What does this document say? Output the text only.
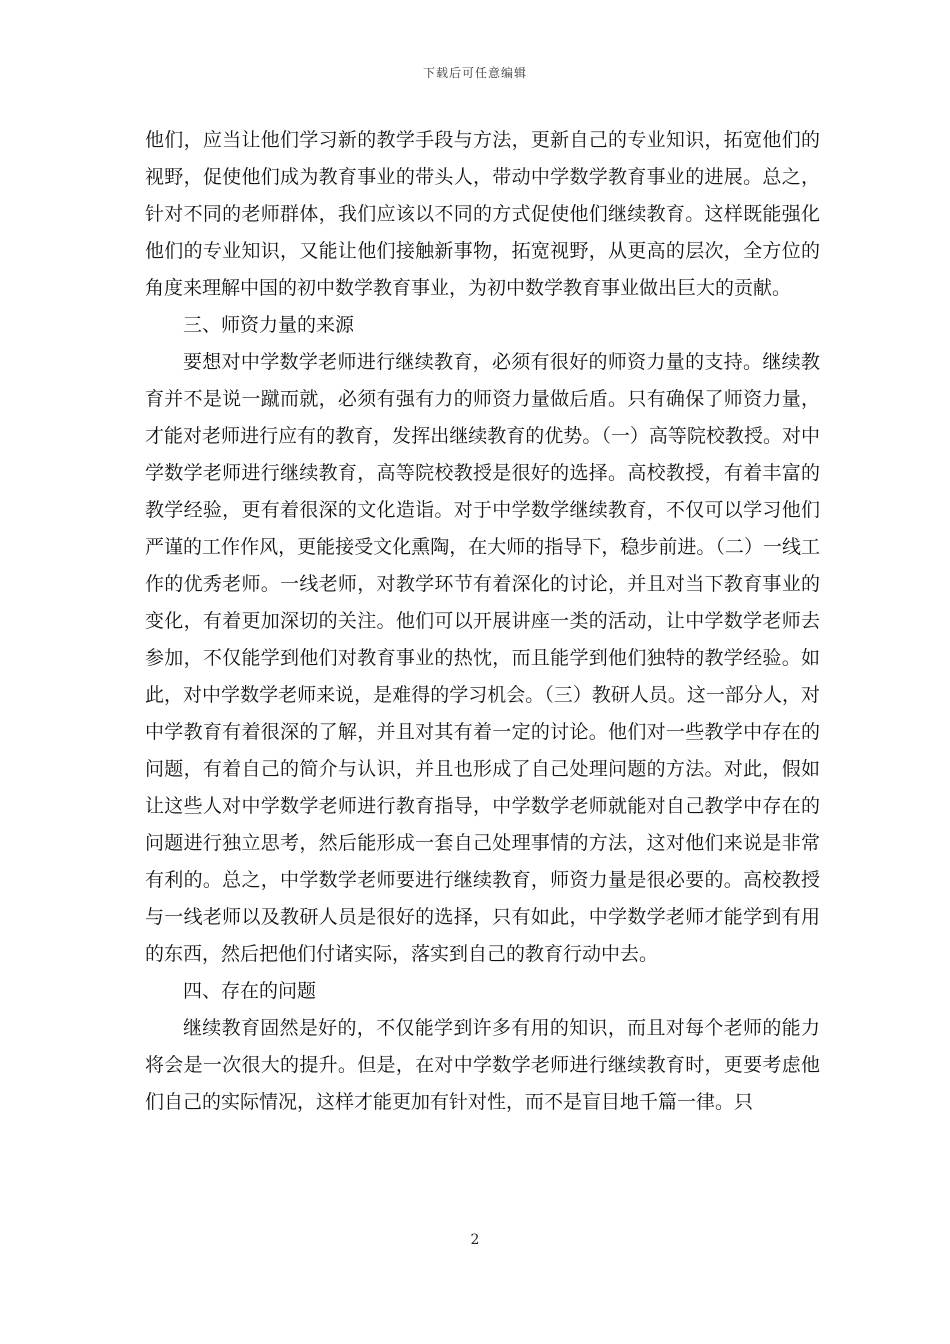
下载后可任意编辑

他们，应当让他们学习新的教学手段与方法，更新自己的专业知识，拓宽他们的视野，促使他们成为教育事业的带头人，带动中学数学教育事业的进展。总之，针对不同的老师群体，我们应该以不同的方式促使他们继续教育。这样既能强化他们的专业知识，又能让他们接触新事物，拓宽视野，从更高的层次，全方位的角度来理解中国的初中数学教育事业，为初中数学教育事业做出巨大的贡献。

三、师资力量的来源

要想对中学数学老师进行继续教育，必须有很好的师资力量的支持。继续教育并不是说一蹴而就，必须有强有力的师资力量做后盾。只有确保了师资力量，才能对老师进行应有的教育，发挥出继续教育的优势。（一）高等院校教授。对中学数学老师进行继续教育，高等院校教授是很好的选择。高校教授，有着丰富的教学经验，更有着很深的文化造诣。对于中学数学继续教育，不仅可以学习他们严谨的工作作风，更能接受文化熏陶，在大师的指导下，稳步前进。（二）一线工作的优秀老师。一线老师，对教学环节有着深化的讨论，并且对当下教育事业的变化，有着更加深切的关注。他们可以开展讲座一类的活动，让中学数学老师去参加，不仅能学到他们对教育事业的热忱，而且能学到他们独特的教学经验。如此，对中学数学老师来说，是难得的学习机会。（三）教研人员。这一部分人，对中学教育有着很深的了解，并且对其有着一定的讨论。他们对一些教学中存在的问题，有着自己的简介与认识，并且也形成了自己处理问题的方法。对此，假如让这些人对中学数学老师进行教育指导，中学数学老师就能对自己教学中存在的问题进行独立思考，然后能形成一套自己处理事情的方法，这对他们来说是非常有利的。总之，中学数学老师要进行继续教育，师资力量是很必要的。高校教授与一线老师以及教研人员是很好的选择，只有如此，中学数学老师才能学到有用的东西，然后把他们付诸实际，落实到自己的教育行动中去。

四、存在的问题

继续教育固然是好的，不仅能学到许多有用的知识，而且对每个老师的能力将会是一次很大的提升。但是，在对中学数学老师进行继续教育时，更要考虑他们自己的实际情况，这样才能更加有针对性，而不是盲目地千篇一律。只

2
